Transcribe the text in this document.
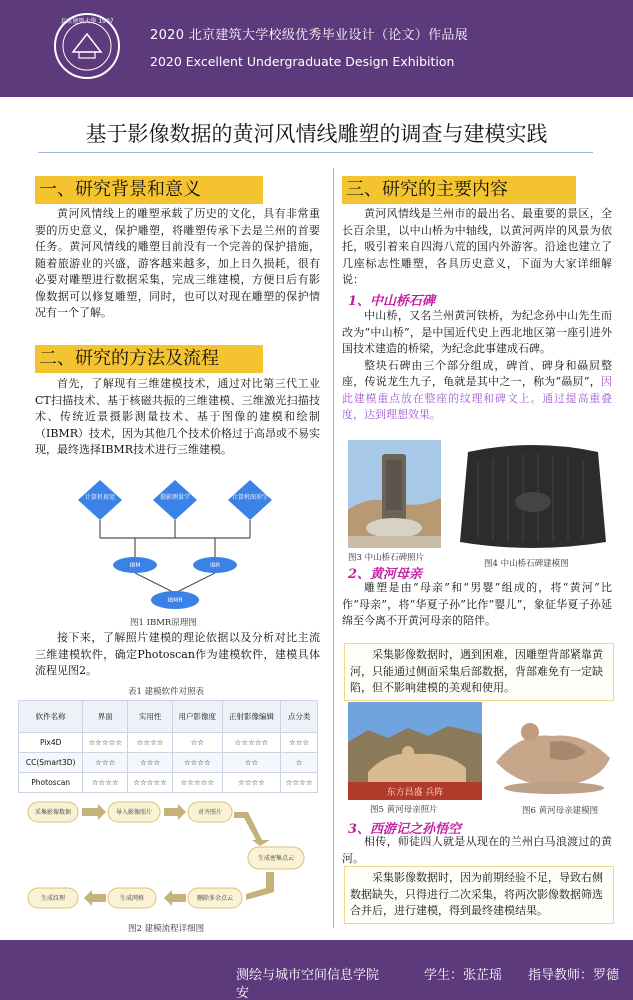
北京建築大學 1907
2020 北京建筑大学校级优秀毕业设计（论文）作品展
2020 Excellent Undergraduate Design Exhibition
基于影像数据的黄河风情线雕塑的调查与建模实践
一、研究背景和意义

黄河风情线上的雕塑承载了历史的文化，具有非常重要的历史意义，保护雕塑，将雕塑传承下去是兰州的首要任务。黄河风情线的雕塑目前没有一个完善的保护措施，随着旅游业的兴盛，游客越来越多，加上日久损耗，很有必要对雕塑进行数据采集，完成三维建模，方便日后有影像数据可以修复雕塑，同时，也可以对现在雕塑的保护情况有一个了解。

二、研究的方法及流程

首先，了解现有三维建模技术，通过对比第三代工业CT扫描技术、基于核磁共振的三维建模、三维激光扫描技术、传统近景摄影测量技术、基于图像的建模和绘制（IBMR）技术，因为其他几个技术价格过于高昂或不易实现，最终选择IBMR技术进行三维建模。

计算机视觉	摄影测量学	计算机图形学
IBM	IBR
IBMR
图1 IBMR原理图

接下来，了解照片建模的理论依据以及分析对比主流三维建模软件，确定Photoscan作为建模软件，建模具体流程见图2。

表1 建模软件对照表
软件名称	界面	实用性	用户影像度	正射影像编辑	点分类
Pix4D	☆☆☆☆☆	☆☆☆☆	☆☆	☆☆☆☆☆	☆☆☆
CC(Smart3D)	☆☆☆	☆☆☆	☆☆☆☆	☆☆	☆
Photoscan	☆☆☆☆	☆☆☆☆☆	☆☆☆☆☆	☆☆☆☆	☆☆☆☆
采集影像数据	导入影像照片	对齐照片
生成密集点云
删除多余点云
生成网格
生成纹理
图2 建模流程详细图
三、研究的主要内容

黄河风情线是兰州市的最出名、最重要的景区，全长百余里，以中山桥为中轴线，以黄河两岸的风景为依托，吸引着来自四海八荒的国内外游客。沿途也建立了几座标志性雕塑，各具历史意义，下面为大家详细解说：

1、中山桥石碑

中山桥，又名兰州黄河铁桥，为纪念孙中山先生而改为“中山桥”，是中国近代史上西北地区第一座引进外国技术建造的桥梁，为纪念此事建成石碑。

整块石碑由三个部分组成，碑首、碑身和赑屃整座，传说龙生九子，龟就是其中之一，称为“赑屃”，因此建模重点放在整座的纹理和碑文上。通过提高重叠度，达到理想效果。

图3 中山桥石碑照片
图4 中山桥石碑建模图
2、黄河母亲

雕塑是由“母亲”和“男婴”组成的，将“黄河”比作“母亲”，将“华夏子孙”比作“婴儿”，象征华夏子孙延绵至今离不开黄河母亲的陪伴。

采集影像数据时，遇到困难，因雕塑背部紧靠黄河，只能通过侧面采集后部数据，背部难免有一定缺陷，但不影响建模的美观和使用。

东方昌盛 兵阵
图5 黄河母亲照片	图6 黄河母亲建模图
3、西游记之孙悟空

相传，师徒四人就是从现在的兰州白马浪渡过的黄河。

采集影像数据时，因为前期经验不足，导致右侧数据缺失，只得进行二次采集，将两次影像数据筛选合并后，进行建模，得到最终建模结果。

测绘与城市空间信息学院	学生：张芷瑶 指导教师：罗德
安
